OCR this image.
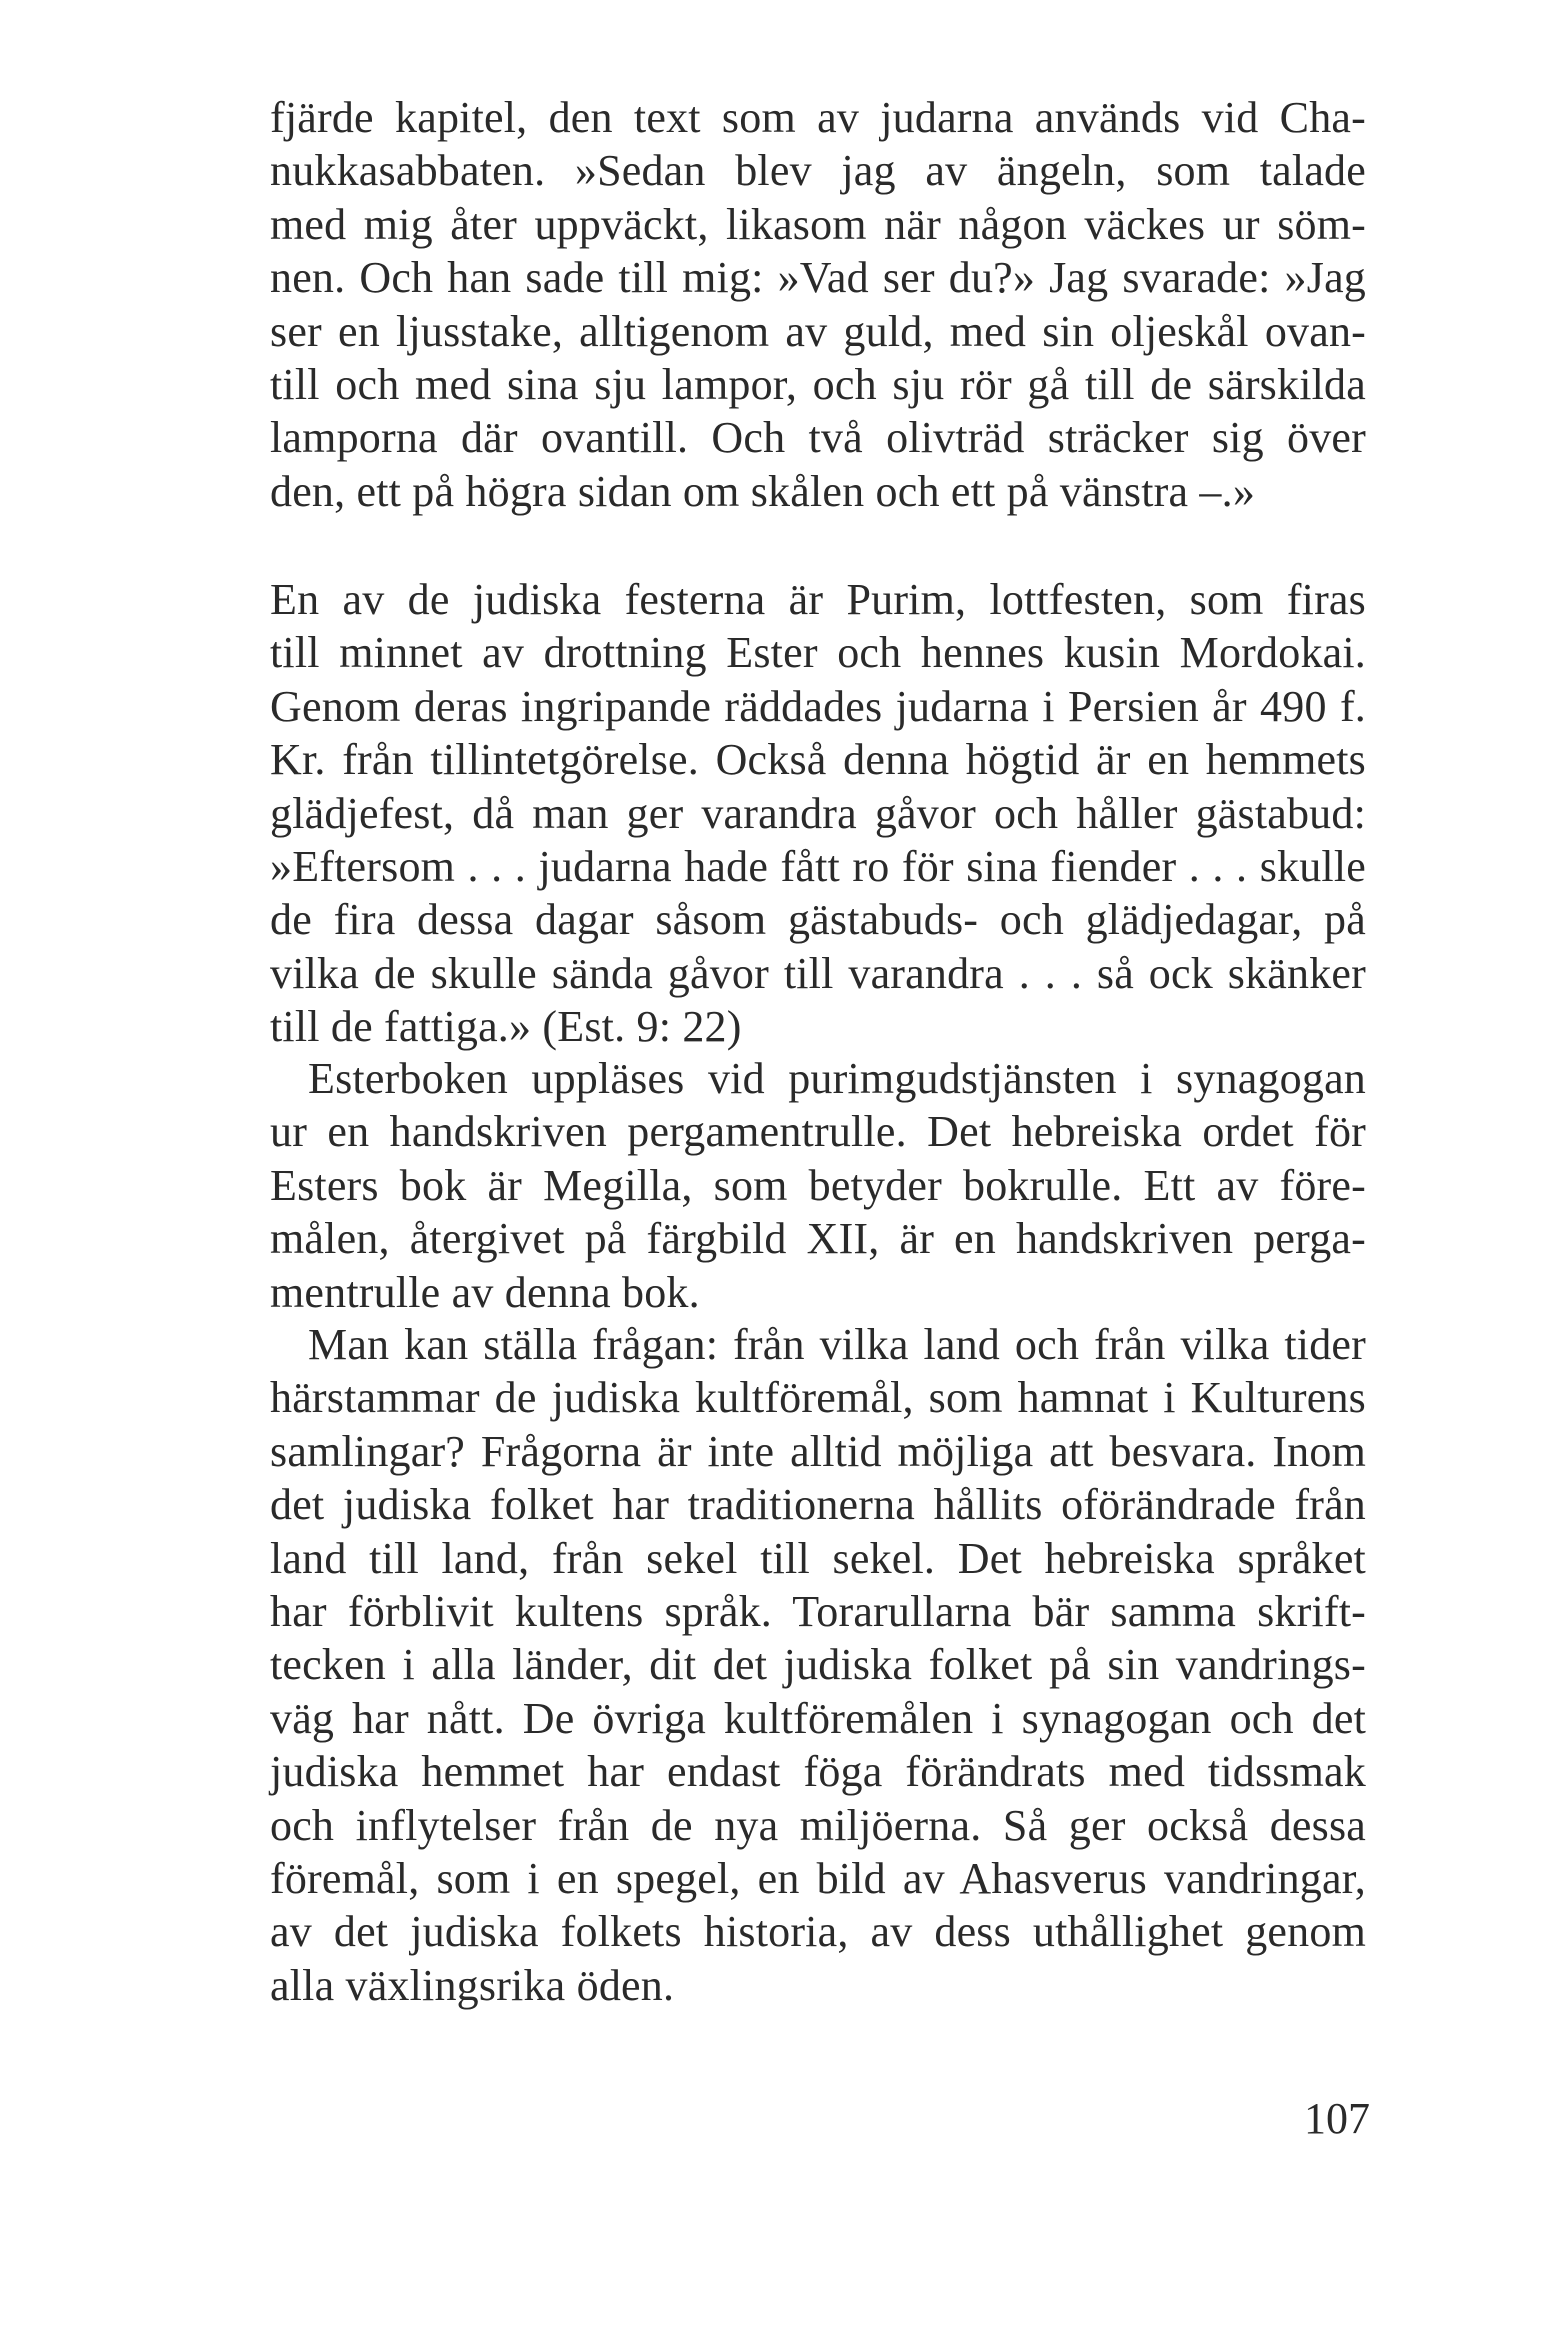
fjärde kapitel, den text som av judarna används vid Cha-
nukkasabbaten. »Sedan blev jag av ängeln, som talade
med mig åter uppväckt, likasom när någon väckes ur söm-
nen. Och han sade till mig: »Vad ser du?» Jag svarade: »Jag
ser en ljusstake, alltigenom av guld, med sin oljeskål ovan-
till och med sina sju lampor, och sju rör gå till de särskilda
lamporna där ovantill. Och två olivträd sträcker sig över
den, ett på högra sidan om skålen och ett på vänstra –.»
En av de judiska festerna är Purim, lottfesten, som firas
till minnet av drottning Ester och hennes kusin Mordokai.
Genom deras ingripande räddades judarna i Persien år 490 f.
Kr. från tillintetgörelse. Också denna högtid är en hemmets
glädjefest, då man ger varandra gåvor och håller gästabud:
»Eftersom . . . judarna hade fått ro för sina fiender . . . skulle
de fira dessa dagar såsom gästabuds- och glädjedagar, på
vilka de skulle sända gåvor till varandra . . . så ock skänker
till de fattiga.» (Est. 9: 22)
Esterboken uppläses vid purimgudstjänsten i synagogan
ur en handskriven pergamentrulle. Det hebreiska ordet för
Esters bok är Megilla, som betyder bokrulle. Ett av före-
målen, återgivet på färgbild XII, är en handskriven perga-
mentrulle av denna bok.
Man kan ställa frågan: från vilka land och från vilka tider
härstammar de judiska kultföremål, som hamnat i Kulturens
samlingar? Frågorna är inte alltid möjliga att besvara. Inom
det judiska folket har traditionerna hållits oförändrade från
land till land, från sekel till sekel. Det hebreiska språket
har förblivit kultens språk. Torarullarna bär samma skrift-
tecken i alla länder, dit det judiska folket på sin vandrings-
väg har nått. De övriga kultföremålen i synagogan och det
judiska hemmet har endast föga förändrats med tidssmak
och inflytelser från de nya miljöerna. Så ger också dessa
föremål, som i en spegel, en bild av Ahasverus vandringar,
av det judiska folkets historia, av dess uthållighet genom
alla växlingsrika öden.
107
